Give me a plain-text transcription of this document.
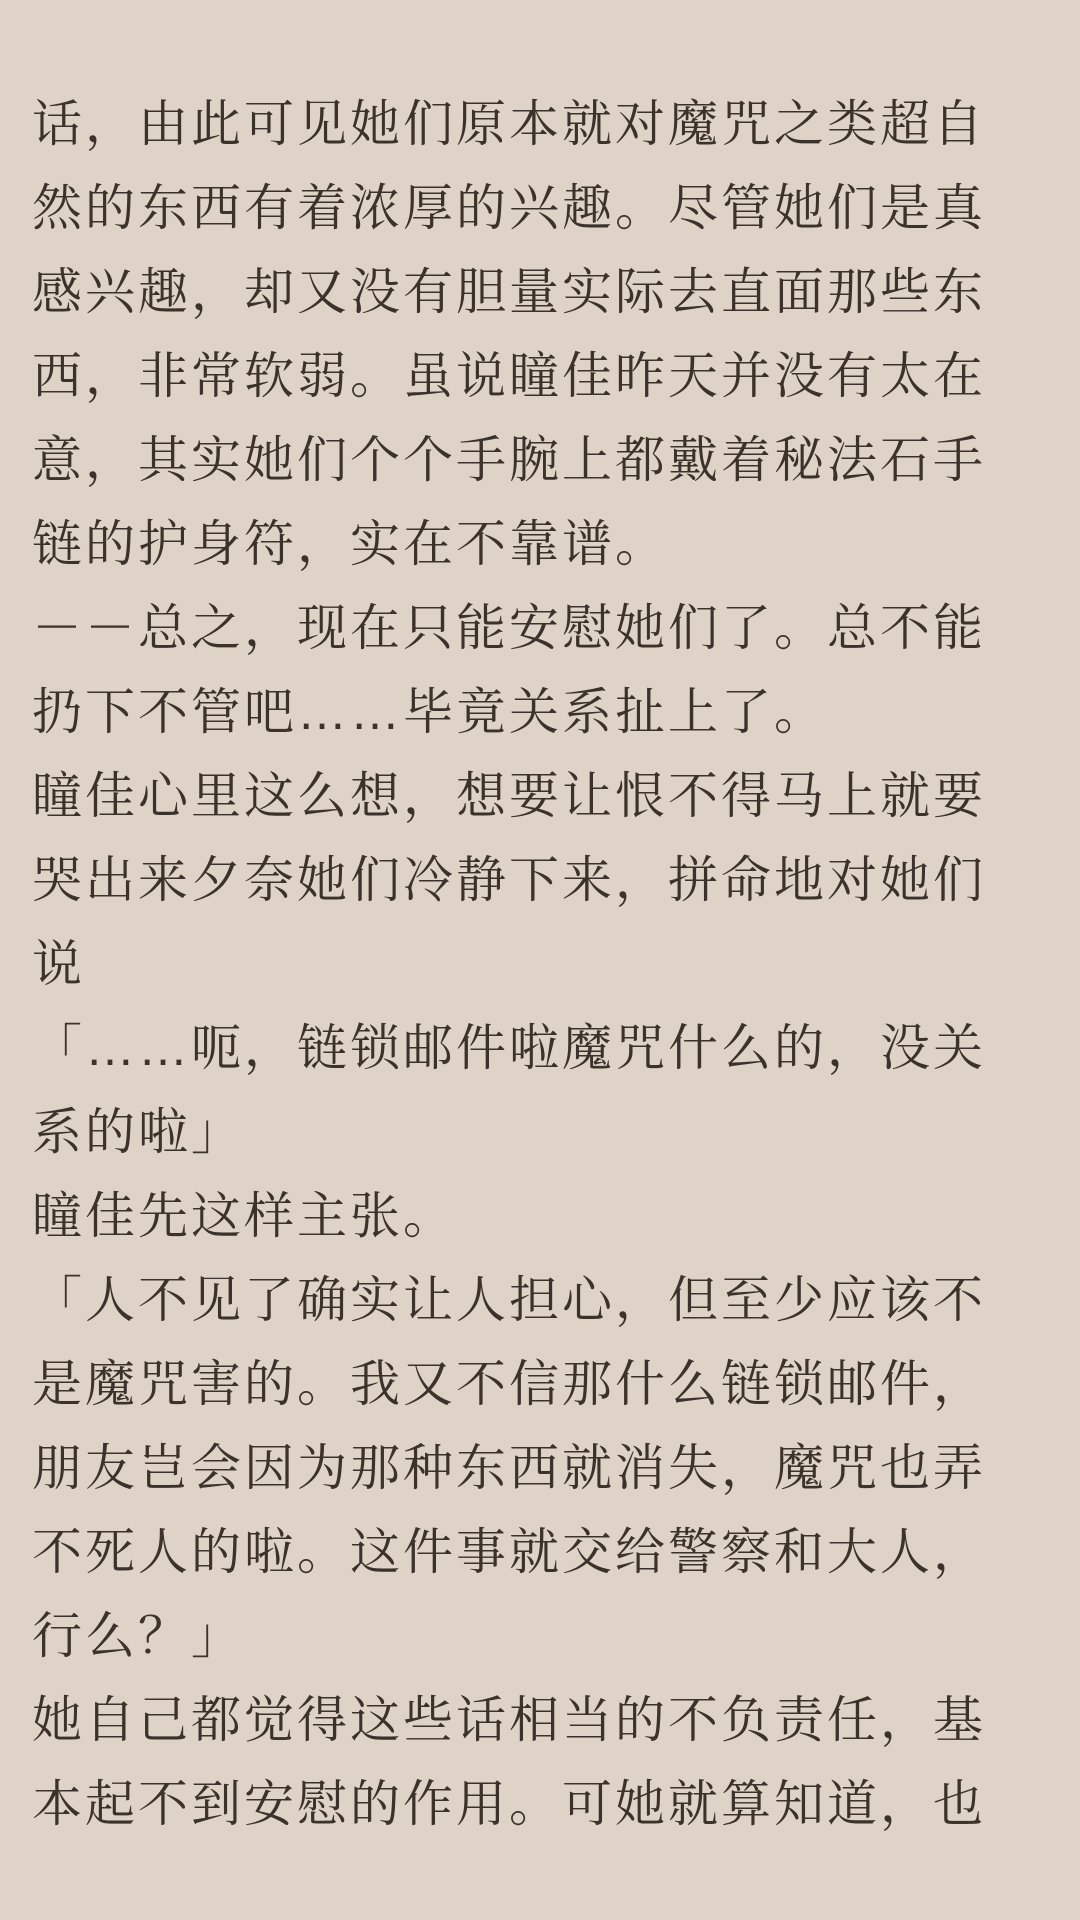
话，由此可见她们原本就对魔咒之类超自
然的东西有着浓厚的兴趣。尽管她们是真
感兴趣，却又没有胆量实际去直面那些东
西，非常软弱。虽说瞳佳昨天并没有太在
意，其实她们个个手腕上都戴着秘法石手
链的护身符，实在不靠谱。
－－总之，现在只能安慰她们了。总不能
扔下不管吧……毕竟关系扯上了。
瞳佳心里这么想，想要让恨不得马上就要
哭出来夕奈她们冷静下来，拼命地对她们
说
「……呃，链锁邮件啦魔咒什么的，没关
系的啦」
瞳佳先这样主张。
「人不见了确实让人担心，但至少应该不
是魔咒害的。我又不信那什么链锁邮件，
朋友岂会因为那种东西就消失，魔咒也弄
不死人的啦。这件事就交给警察和大人，
行么？」
她自己都觉得这些话相当的不负责任，基
本起不到安慰的作用。可她就算知道，也
